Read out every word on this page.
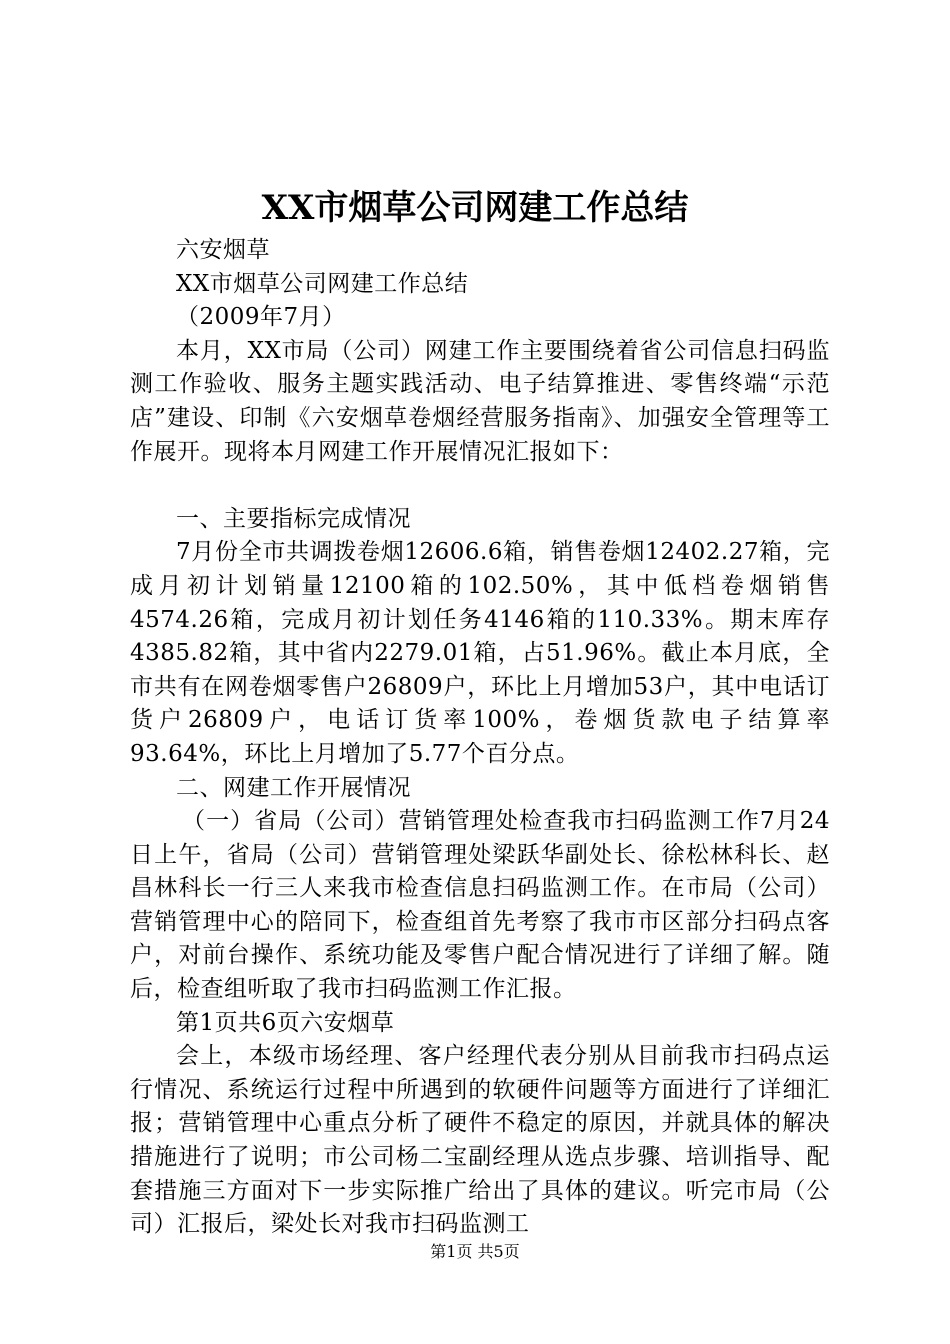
XX市烟草公司网建工作总结

六安烟草

XX市烟草公司网建工作总结

（2009年7月）

本月，XX市局（公司）网建工作主要围绕着省公司信息扫码监测工作验收、服务主题实践活动、电子结算推进、零售终端“示范店”建设、印制《六安烟草卷烟经营服务指南》、加强安全管理等工作展开。现将本月网建工作开展情况汇报如下：

一、主要指标完成情况

7月份全市共调拨卷烟12606.6箱，销售卷烟12402.27箱，完成月初计划销量12100箱的102.50%，其中低档卷烟销售4574.26箱，完成月初计划任务4146箱的110.33%。期末库存4385.82箱，其中省内2279.01箱，占51.96%。截止本月底，全市共有在网卷烟零售户26809户，环比上月增加53户，其中电话订货户26809户，电话订货率100%，卷烟货款电子结算率93.64%，环比上月增加了5.77个百分点。

二、网建工作开展情况

（一）省局（公司）营销管理处检查我市扫码监测工作7月24日上午，省局（公司）营销管理处梁跃华副处长、徐松林科长、赵昌林科长一行三人来我市检查信息扫码监测工作。在市局（公司）营销管理中心的陪同下，检查组首先考察了我市市区部分扫码点客户，对前台操作、系统功能及零售户配合情况进行了详细了解。随后，检查组听取了我市扫码监测工作汇报。

第1页共6页六安烟草

会上，本级市场经理、客户经理代表分别从目前我市扫码点运行情况、系统运行过程中所遇到的软硬件问题等方面进行了详细汇报；营销管理中心重点分析了硬件不稳定的原因，并就具体的解决措施进行了说明；市公司杨二宝副经理从选点步骤、培训指导、配套措施三方面对下一步实际推广给出了具体的建议。听完市局（公司）汇报后，梁处长对我市扫码监测工

第1页 共5页
